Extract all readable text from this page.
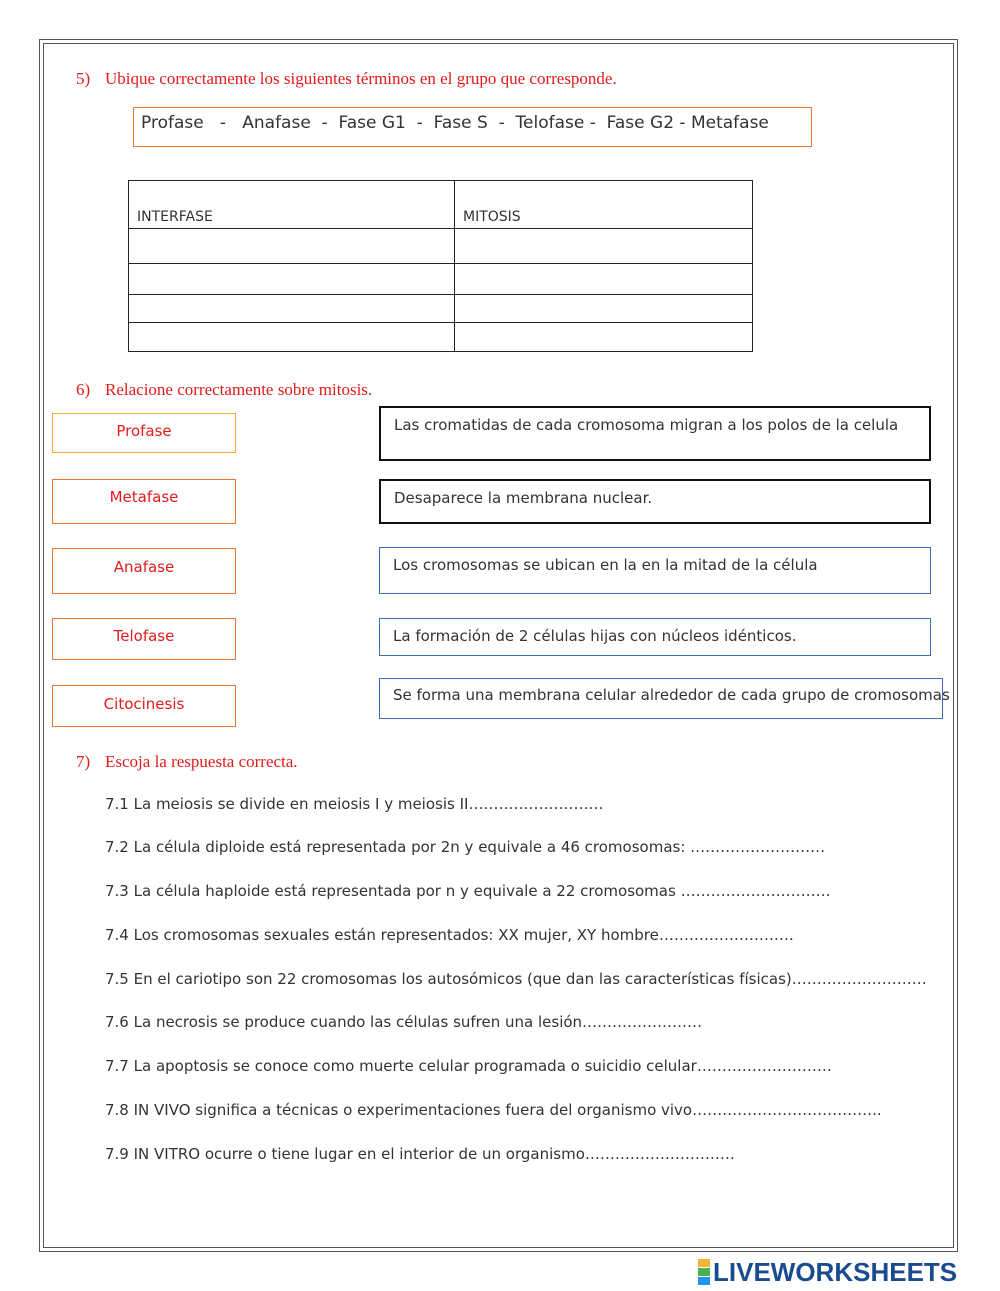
5) Ubique correctamente los siguientes términos en el grupo que corresponde.
Profase   -   Anafase  -  Fase G1  -  Fase S  -  Telofase -  Fase G2 - Metafase
INTERFASE	MITOSIS

6) Relacione correctamente sobre mitosis.
Profase
Metafase
Anafase
Telofase
Citocinesis
Las cromatidas de cada cromosoma migran a los polos de la celula
Desaparece la membrana nuclear.
Los cromosomas se ubican en la en la mitad de la célula
La formación de 2 células hijas con núcleos idénticos.
Se forma una membrana celular alrededor de cada grupo de cromosomas
7) Escoja la respuesta correcta.
7.1 La meiosis se divide en meiosis I y meiosis II………………………
7.2 La célula diploide está representada por 2n y equivale a 46 cromosomas: ………………………
7.3 La célula haploide está representada por n y equivale a 22 cromosomas …………………………
7.4 Los cromosomas sexuales están representados: XX mujer, XY hombre………………………
7.5 En el cariotipo son 22 cromosomas los autosómicos (que dan las características físicas)………………………
7.6 La necrosis se produce cuando las células sufren una lesión……………………
7.7 La apoptosis se conoce como muerte celular programada o suicidio celular………………………
7.8 IN VIVO significa a técnicas o experimentaciones fuera del organismo vivo………………………………..
7.9 IN VITRO ocurre o tiene lugar en el interior de un organismo…………………………
LIVEWORKSHEETS
